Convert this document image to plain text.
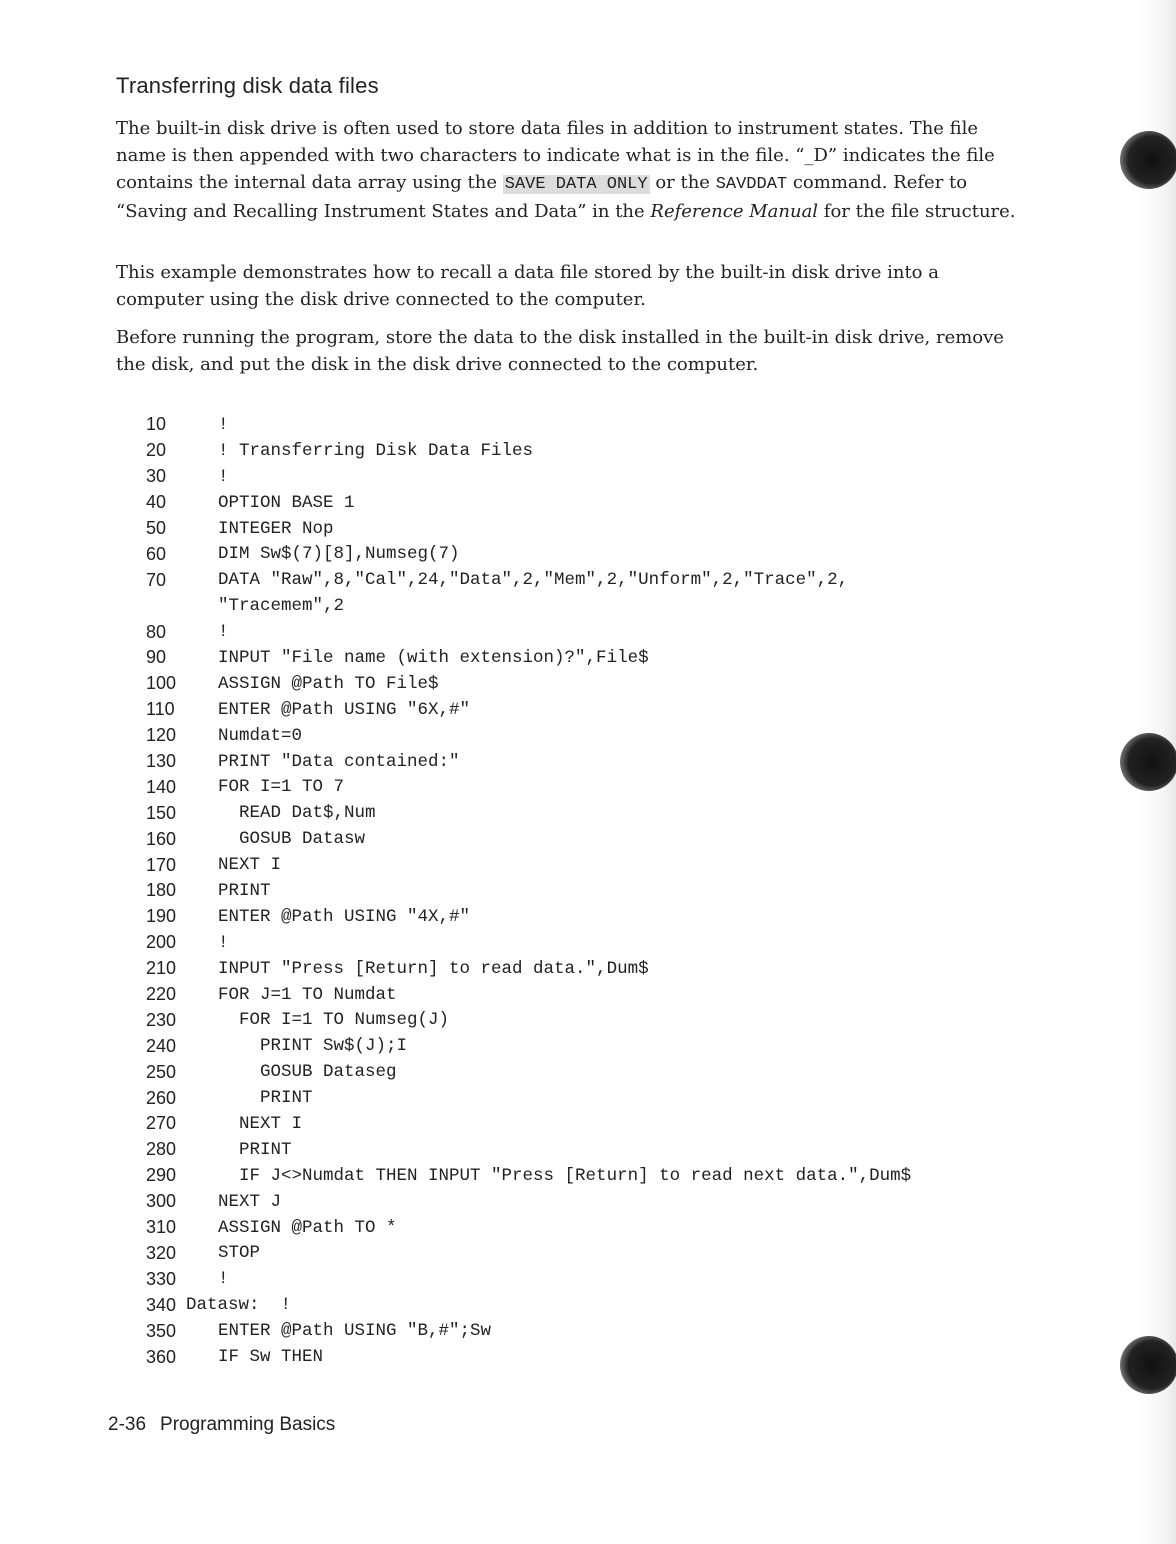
Transferring disk data files

The built-in disk drive is often used to store data files in addition to instrument states. The file name is then appended with two characters to indicate what is in the file. “_D” indicates the file contains the internal data array using the SAVE DATA ONLY or the SAVDDAT command. Refer to “Saving and Recalling Instrument States and Data” in the Reference Manual for the file structure.

This example demonstrates how to recall a data file stored by the built-in disk drive into a computer using the disk drive connected to the computer.

Before running the program, store the data to the disk installed in the built-in disk drive, remove the disk, and put the disk in the disk drive connected to the computer.

10	!
20	! Transferring Disk Data Files
30	!
40	OPTION BASE 1
50	INTEGER Nop
60	DIM Sw$(7)[8],Numseg(7)
70	DATA "Raw",8,"Cal",24,"Data",2,"Mem",2,"Unform",2,"Trace",2,
"Tracemem",2
80	!
90	INPUT "File name (with extension)?",File$
100	ASSIGN @Path TO File$
110	ENTER @Path USING "6X,#"
120	Numdat=0
130	PRINT "Data contained:"
140	FOR I=1 TO 7
150	READ Dat$,Num
160	GOSUB Datasw
170	NEXT I
180	PRINT
190	ENTER @Path USING "4X,#"
200	!
210	INPUT "Press [Return] to read data.",Dum$
220	FOR J=1 TO Numdat
230	FOR I=1 TO Numseg(J)
240	PRINT Sw$(J);I
250	GOSUB Dataseg
260	PRINT
270	NEXT I
280	PRINT
290	IF J<>Numdat THEN INPUT "Press [Return] to read next data.",Dum$
300	NEXT J
310	ASSIGN @Path TO *
320	STOP
330	!
340 Datasw:  !
350	ENTER @Path USING "B,#";Sw
360	IF Sw THEN
2-36 Programming Basics
